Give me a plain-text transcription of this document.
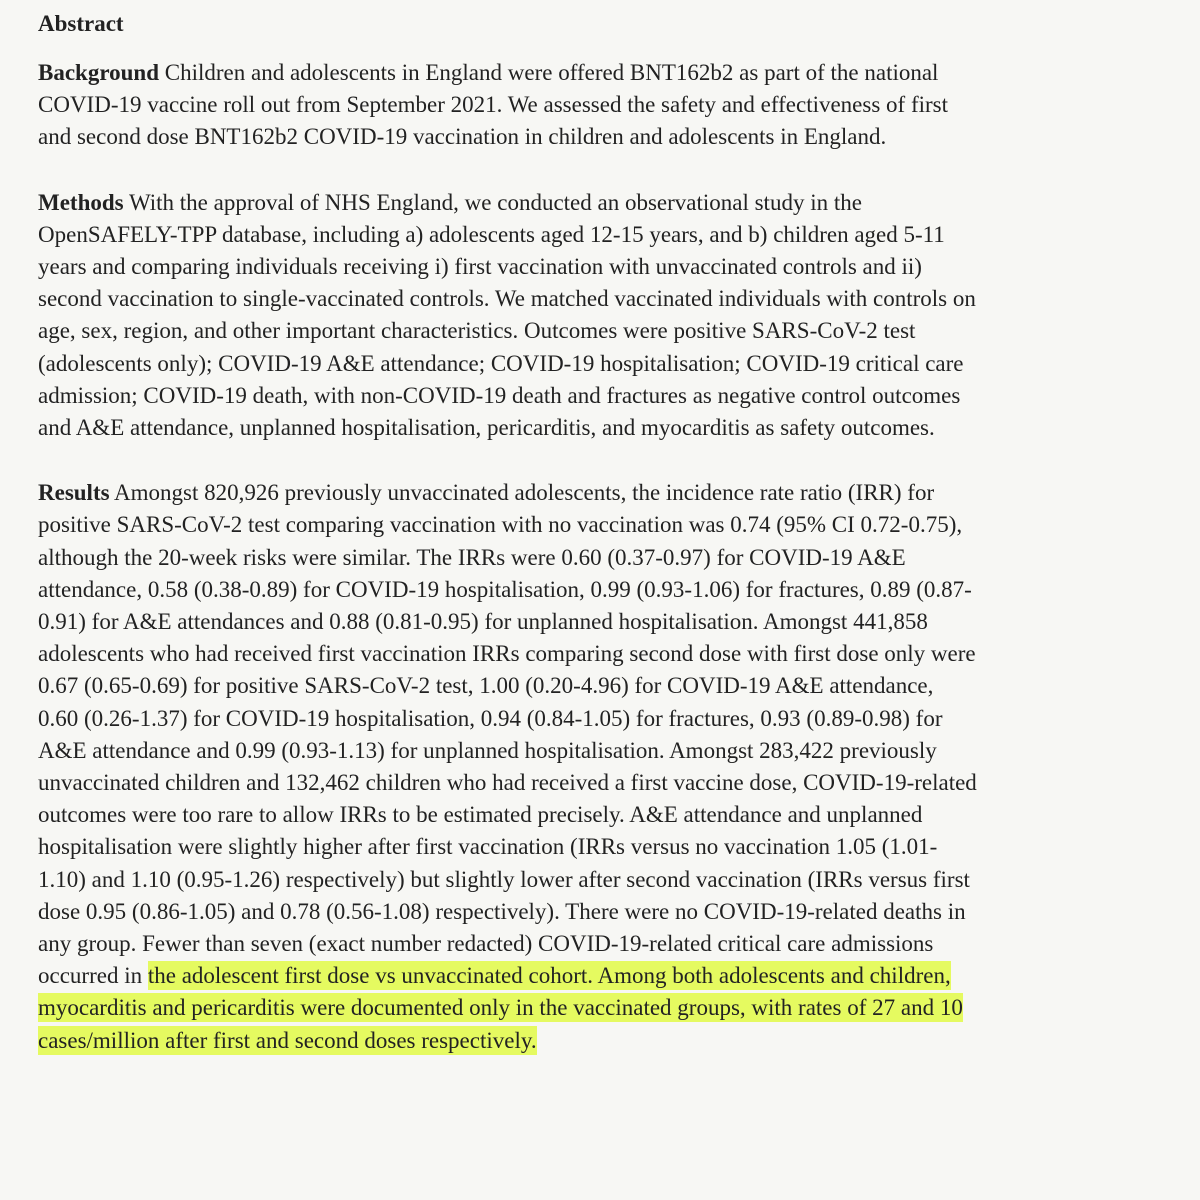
Abstract
Background Children and adolescents in England were offered BNT162b2 as part of the national
COVID-19 vaccine roll out from September 2021. We assessed the safety and effectiveness of first
and second dose BNT162b2 COVID-19 vaccination in children and adolescents in England.
Methods With the approval of NHS England, we conducted an observational study in the
OpenSAFELY-TPP database, including a) adolescents aged 12-15 years, and b) children aged 5-11
years and comparing individuals receiving i) first vaccination with unvaccinated controls and ii)
second vaccination to single-vaccinated controls. We matched vaccinated individuals with controls on
age, sex, region, and other important characteristics. Outcomes were positive SARS-CoV-2 test
(adolescents only); COVID-19 A&E attendance; COVID-19 hospitalisation; COVID-19 critical care
admission; COVID-19 death, with non-COVID-19 death and fractures as negative control outcomes
and A&E attendance, unplanned hospitalisation, pericarditis, and myocarditis as safety outcomes.
Results Amongst 820,926 previously unvaccinated adolescents, the incidence rate ratio (IRR) for
positive SARS-CoV-2 test comparing vaccination with no vaccination was 0.74 (95% CI 0.72-0.75),
although the 20-week risks were similar. The IRRs were 0.60 (0.37-0.97) for COVID-19 A&E
attendance, 0.58 (0.38-0.89) for COVID-19 hospitalisation, 0.99 (0.93-1.06) for fractures, 0.89 (0.87-
0.91) for A&E attendances and 0.88 (0.81-0.95) for unplanned hospitalisation. Amongst 441,858
adolescents who had received first vaccination IRRs comparing second dose with first dose only were
0.67 (0.65-0.69) for positive SARS-CoV-2 test, 1.00 (0.20-4.96) for COVID-19 A&E attendance,
0.60 (0.26-1.37) for COVID-19 hospitalisation, 0.94 (0.84-1.05) for fractures, 0.93 (0.89-0.98) for
A&E attendance and 0.99 (0.93-1.13) for unplanned hospitalisation. Amongst 283,422 previously
unvaccinated children and 132,462 children who had received a first vaccine dose, COVID-19-related
outcomes were too rare to allow IRRs to be estimated precisely. A&E attendance and unplanned
hospitalisation were slightly higher after first vaccination (IRRs versus no vaccination 1.05 (1.01-
1.10) and 1.10 (0.95-1.26) respectively) but slightly lower after second vaccination (IRRs versus first
dose 0.95 (0.86-1.05) and 0.78 (0.56-1.08) respectively). There were no COVID-19-related deaths in
any group. Fewer than seven (exact number redacted) COVID-19-related critical care admissions
occurred in the adolescent first dose vs unvaccinated cohort. Among both adolescents and children,
myocarditis and pericarditis were documented only in the vaccinated groups, with rates of 27 and 10
cases/million after first and second doses respectively.
